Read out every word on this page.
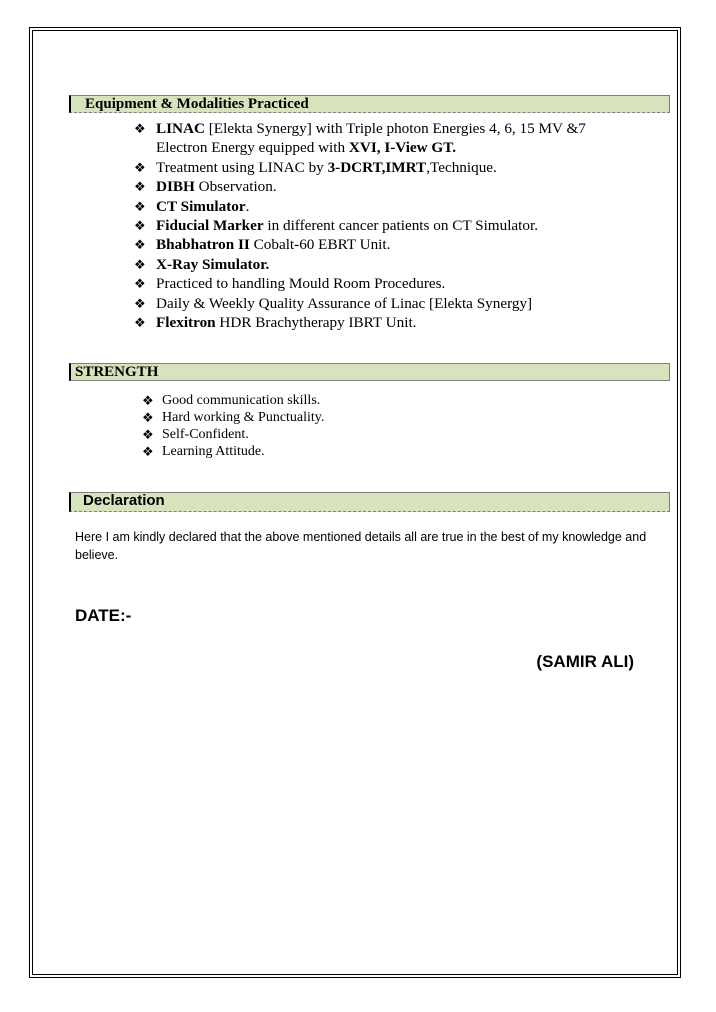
Equipment & Modalities Practiced
❖ LINAC [Elekta Synergy] with Triple photon Energies 4, 6, 15 MV &7
Electron Energy equipped with XVI, I-View GT.
❖ Treatment using LINAC by 3-DCRT,IMRT,Technique.
❖ DIBH Observation.
❖ CT Simulator.
❖ Fiducial Marker in different cancer patients on CT Simulator.
❖ Bhabhatron II Cobalt-60 EBRT Unit.
❖ X-Ray Simulator.
❖ Practiced to handling Mould Room Procedures.
❖ Daily & Weekly Quality Assurance of Linac [Elekta Synergy]
❖ Flexitron HDR Brachytherapy IBRT Unit.
STRENGTH
❖ Good communication skills.
❖ Hard working & Punctuality.
❖ Self-Confident.
❖ Learning Attitude.
Declaration
Here I am kindly declared that the above mentioned details all are true in the best of my knowledge and believe.
DATE:-
(SAMIR ALI)
